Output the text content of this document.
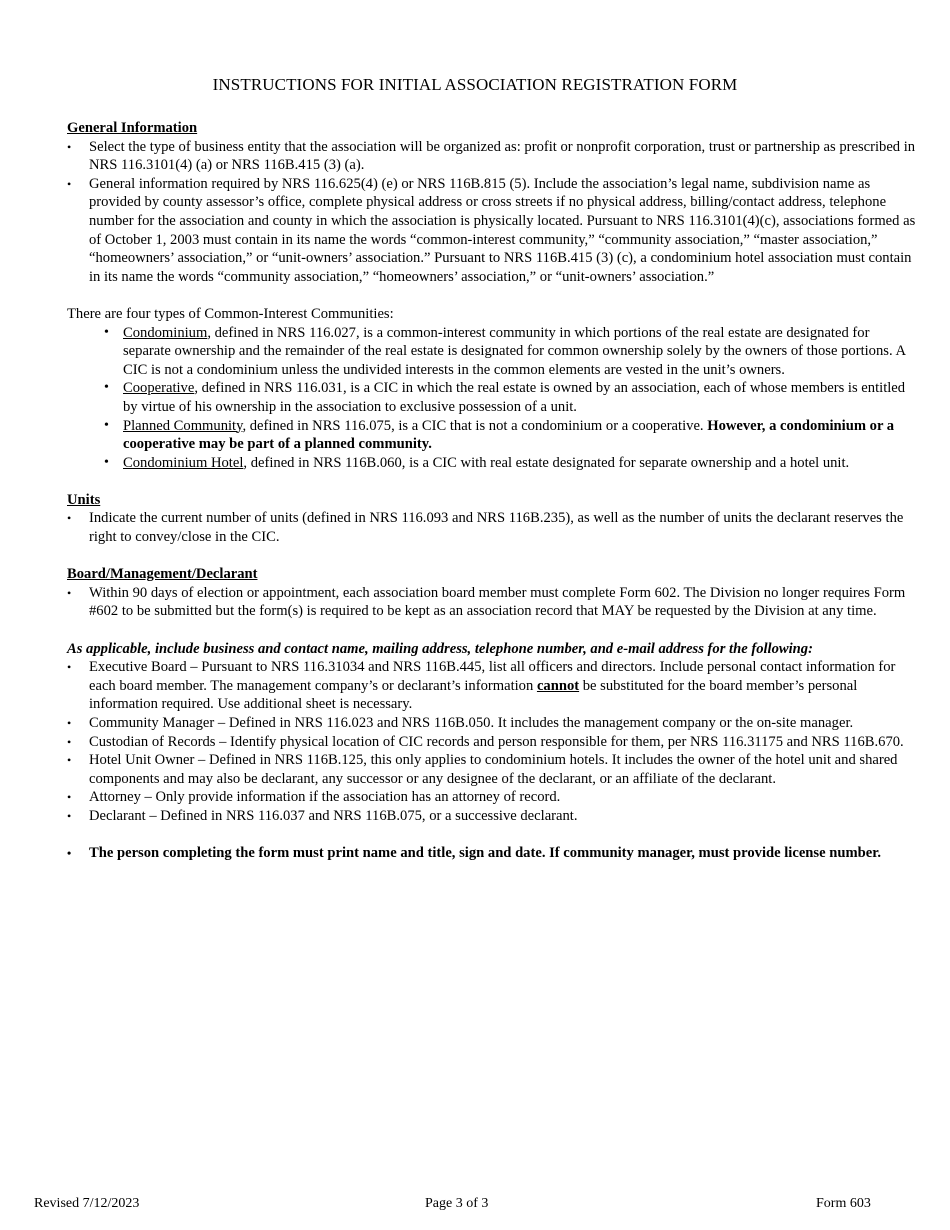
INSTRUCTIONS FOR INITIAL ASSOCIATION REGISTRATION FORM
General Information
• Select the type of business entity that the association will be organized as: profit or nonprofit corporation, trust or partnership as prescribed in NRS 116.3101(4) (a) or NRS 116B.415 (3) (a).
• General information required by NRS 116.625(4) (e) or NRS 116B.815 (5). Include the association’s legal name, subdivision name as provided by county assessor’s office, complete physical address or cross streets if no physical address, billing/contact address, telephone number for the association and county in which the association is physically located. Pursuant to NRS 116.3101(4)(c), associations formed as of October 1, 2003 must contain in its name the words “common-interest community,” “community association,” “master association,” “homeowners’ association,” or “unit-owners’ association.” Pursuant to NRS 116B.415 (3) (c), a condominium hotel association must contain in its name the words “community association,” “homeowners’ association,” or “unit-owners’ association.”
There are four types of Common-Interest Communities:
• Condominium, defined in NRS 116.027, is a common-interest community in which portions of the real estate are designated for separate ownership and the remainder of the real estate is designated for common ownership solely by the owners of those portions. A CIC is not a condominium unless the undivided interests in the common elements are vested in the unit’s owners.
• Cooperative, defined in NRS 116.031, is a CIC in which the real estate is owned by an association, each of whose members is entitled by virtue of his ownership in the association to exclusive possession of a unit.
• Planned Community, defined in NRS 116.075, is a CIC that is not a condominium or a cooperative. However, a condominium or a cooperative may be part of a planned community.
• Condominium Hotel, defined in NRS 116B.060, is a CIC with real estate designated for separate ownership and a hotel unit.
Units
• Indicate the current number of units (defined in NRS 116.093 and NRS 116B.235), as well as the number of units the declarant reserves the right to convey/close in the CIC.
Board/Management/Declarant
• Within 90 days of election or appointment, each association board member must complete Form 602. The Division no longer requires Form #602 to be submitted but the form(s) is required to be kept as an association record that MAY be requested by the Division at any time.
As applicable, include business and contact name, mailing address, telephone number, and e-mail address for the following:
• Executive Board – Pursuant to NRS 116.31034 and NRS 116B.445, list all officers and directors. Include personal contact information for each board member. The management company’s or declarant’s information cannot be substituted for the board member’s personal information required. Use additional sheet is necessary.
• Community Manager – Defined in NRS 116.023 and NRS 116B.050. It includes the management company or the on-site manager.
• Custodian of Records – Identify physical location of CIC records and person responsible for them, per NRS 116.31175 and NRS 116B.670.
• Hotel Unit Owner – Defined in NRS 116B.125, this only applies to condominium hotels. It includes the owner of the hotel unit and shared components and may also be declarant, any successor or any designee of the declarant, or an affiliate of the declarant.
• Attorney – Only provide information if the association has an attorney of record.
• Declarant – Defined in NRS 116.037 and NRS 116B.075, or a successive declarant.
• The person completing the form must print name and title, sign and date. If community manager, must provide license number.
Revised 7/12/2023	Page 3 of 3	Form 603
